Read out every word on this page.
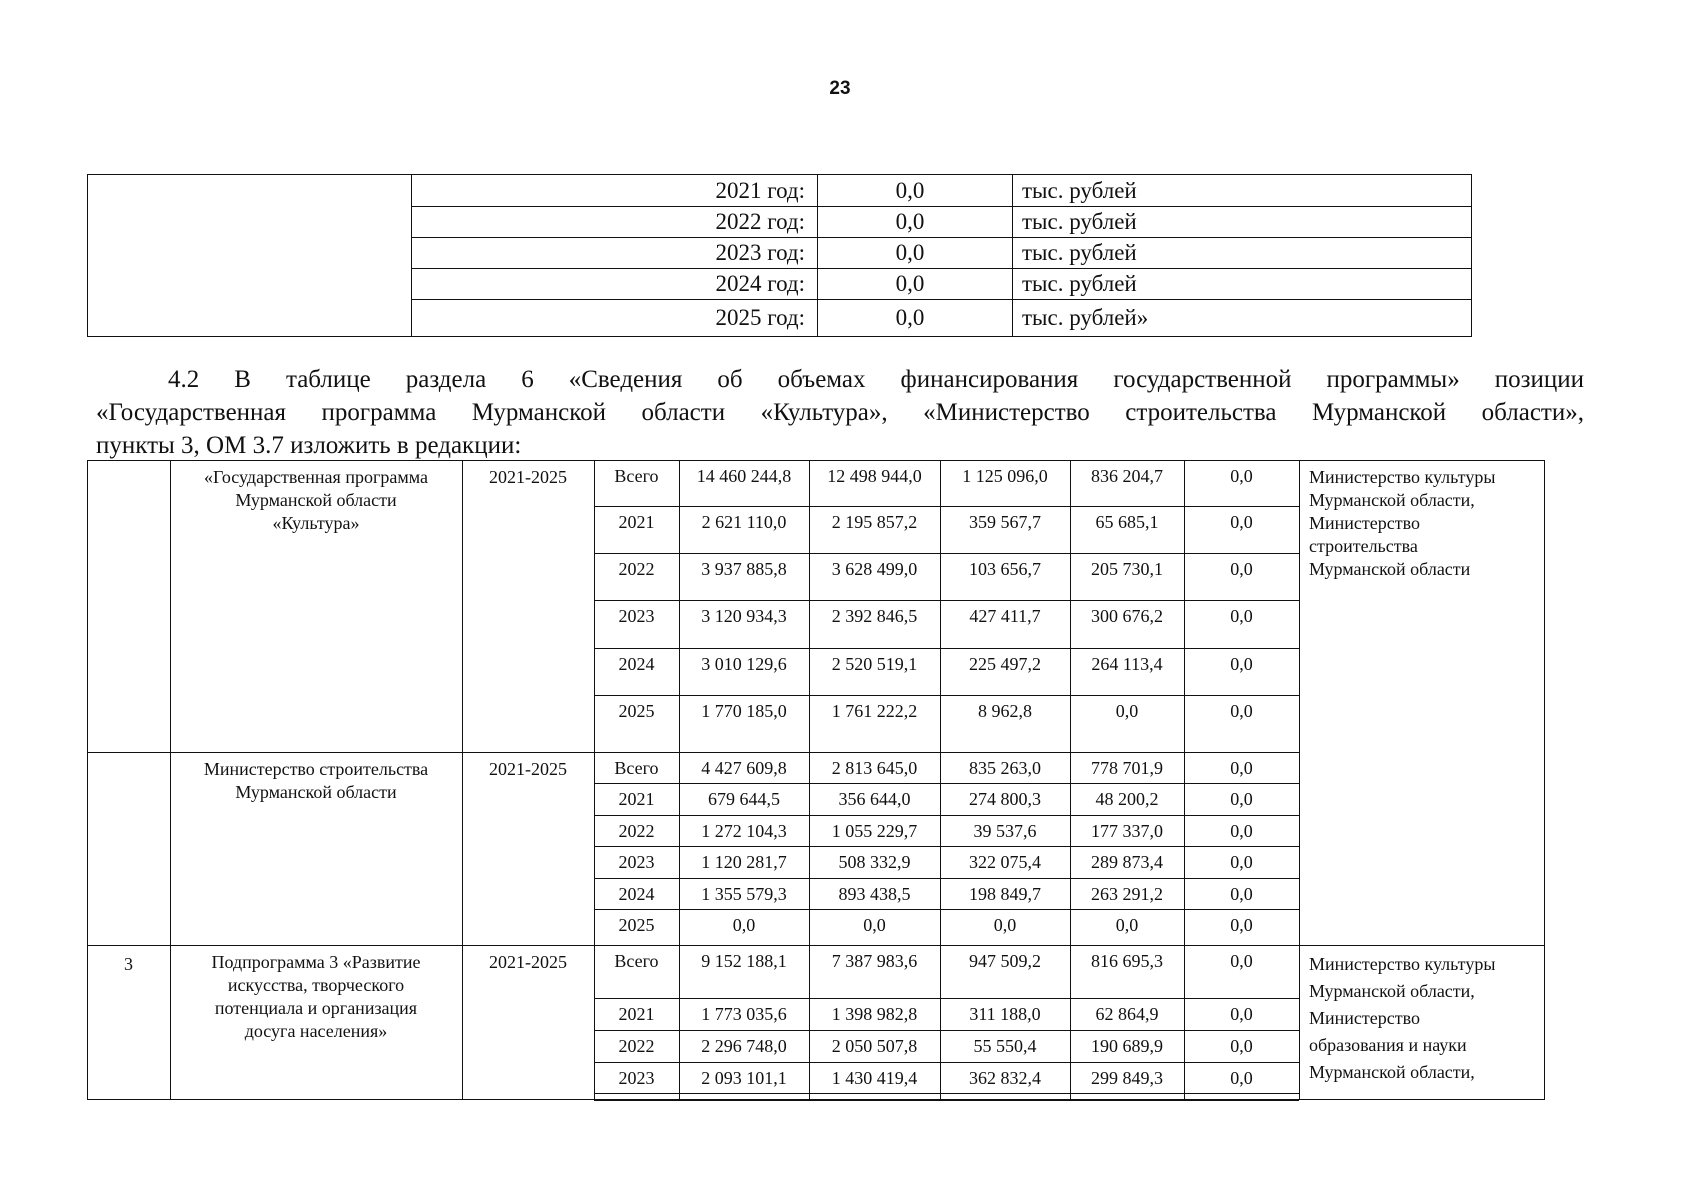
23
2021 год:	0,0	тыс. рублей
2022 год:	0,0	тыс. рублей
2023 год:	0,0	тыс. рублей
2024 год:	0,0	тыс. рублей
2025 год:	0,0	тыс. рублей»
4.2 В таблице раздела 6 «Сведения об объемах финансирования государственной программы» позиции
«Государственная программа Мурманской области «Культура», «Министерство строительства Мурманской области»,
пункты 3, ОМ 3.7 изложить в редакции:
«Государственная программа
Мурманской области
«Культура»
2021-2025	Всего	14 460 244,8	12 498 944,0	1 125 096,0	836 204,7	0,0
2021	2 621 110,0	2 195 857,2	359 567,7	65 685,1	0,0
2022	3 937 885,8	3 628 499,0	103 656,7	205 730,1	0,0
2023	3 120 934,3	2 392 846,5	427 411,7	300 676,2	0,0
2024	3 010 129,6	2 520 519,1	225 497,2	264 113,4	0,0
2025	1 770 185,0	1 761 222,2	8 962,8	0,0	0,0
Министерство культуры
Мурманской области,
Министерство
строительства
Мурманской области
Министерство строительства
Мурманской области
2021-2025	Всего	4 427 609,8	2 813 645,0	835 263,0	778 701,9	0,0
2021	679 644,5	356 644,0	274 800,3	48 200,2	0,0
2022	1 272 104,3	1 055 229,7	39 537,6	177 337,0	0,0
2023	1 120 281,7	508 332,9	322 075,4	289 873,4	0,0
2024	1 355 579,3	893 438,5	198 849,7	263 291,2	0,0
2025	0,0	0,0	0,0	0,0	0,0
3	Подпрограмма 3 «Развитие
искусства, творческого
потенциала и организация
досуга населения»
2021-2025	Всего	9 152 188,1	7 387 983,6	947 509,2	816 695,3	0,0
2021	1 773 035,6	1 398 982,8	311 188,0	62 864,9	0,0
2022	2 296 748,0	2 050 507,8	55 550,4	190 689,9	0,0
2023	2 093 101,1	1 430 419,4	362 832,4	299 849,3	0,0
Министерство культуры
Мурманской области,
Министерство
образования и науки
Мурманской области,
